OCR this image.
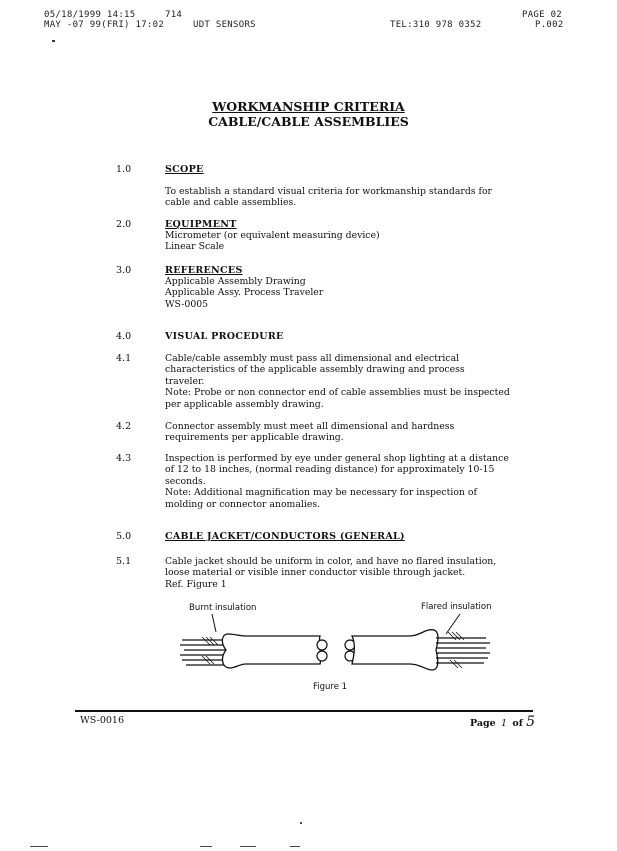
05/18/1999 14:15	714	PAGE 02
MAY -07 99(FRI) 17:02	UDT SENSORS	TEL:310 978 0352	P.002
WORKMANSHIP CRITERIA
CABLE/CABLE ASSEMBLIES
1.0	SCOPE
To establish a standard visual criteria for workmanship standards for
cable and cable assemblies.
2.0	EQUIPMENT
Micrometer (or equivalent measuring device)
Linear Scale
3.0	REFERENCES
Applicable Assembly Drawing
Applicable Assy. Process Traveler
WS-0005
4.0	VISUAL PROCEDURE
4.1	Cable/cable assembly must pass all dimensional and electrical
characteristics of the applicable assembly drawing and process
traveler.
Note: Probe or non connector end of cable assemblies must be inspected
per applicable assembly drawing.
4.2	Connector assembly must meet all dimensional and hardness
requirements per applicable drawing.
4.3	Inspection is performed by eye under general shop lighting at a distance
of 12 to 18 inches, (normal reading distance) for approximately 10-15
seconds.
Note: Additional magnification may be necessary for inspection of
molding or connector anomalies.
5.0	CABLE JACKET/CONDUCTORS (GENERAL)
5.1	Cable jacket should be uniform in color, and have no flared insulation,
loose material or visible inner conductor visible through jacket.
Ref. Figure 1
Burnt insulation	Flared insulation
Figure 1
WS-0016	Page 1 of 5
